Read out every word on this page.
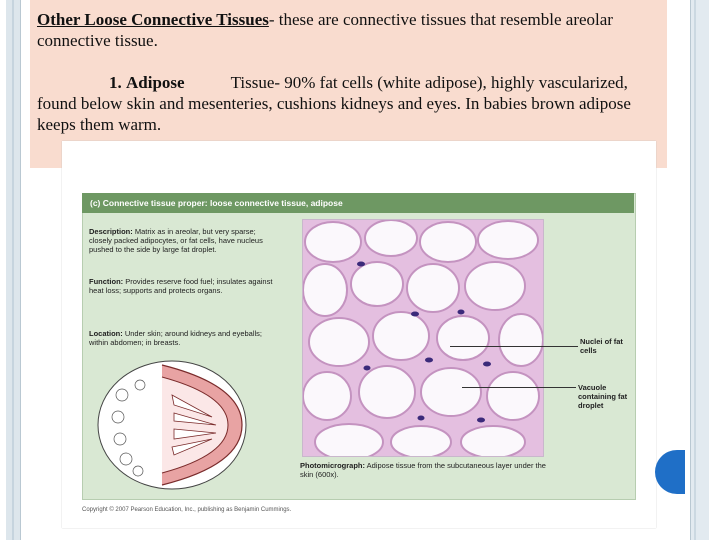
Other Loose Connective Tissues- these are connective tissues that resemble areolar connective tissue.
1. Adipose	Tissue- 90% fat cells (white adipose), highly vascularized, found below skin and mesenteries, cushions kidneys and eyes. In babies brown adipose keeps them warm.
(c) Connective tissue proper: loose connective tissue, adipose
Description: Matrix as in areolar, but very sparse; closely packed adipocytes, or fat cells, have nucleus pushed to the side by large fat droplet.
Function: Provides reserve food fuel; insulates against heat loss; supports and protects organs.
Location: Under skin; around kidneys and eyeballs; within abdomen; in breasts.	Nuclei of fat cells
Vacuole containing fat droplet
Photomicrograph: Adipose tissue from the subcutaneous layer under the skin (600x).
Copyright © 2007 Pearson Education, Inc., publishing as Benjamin Cummings.
